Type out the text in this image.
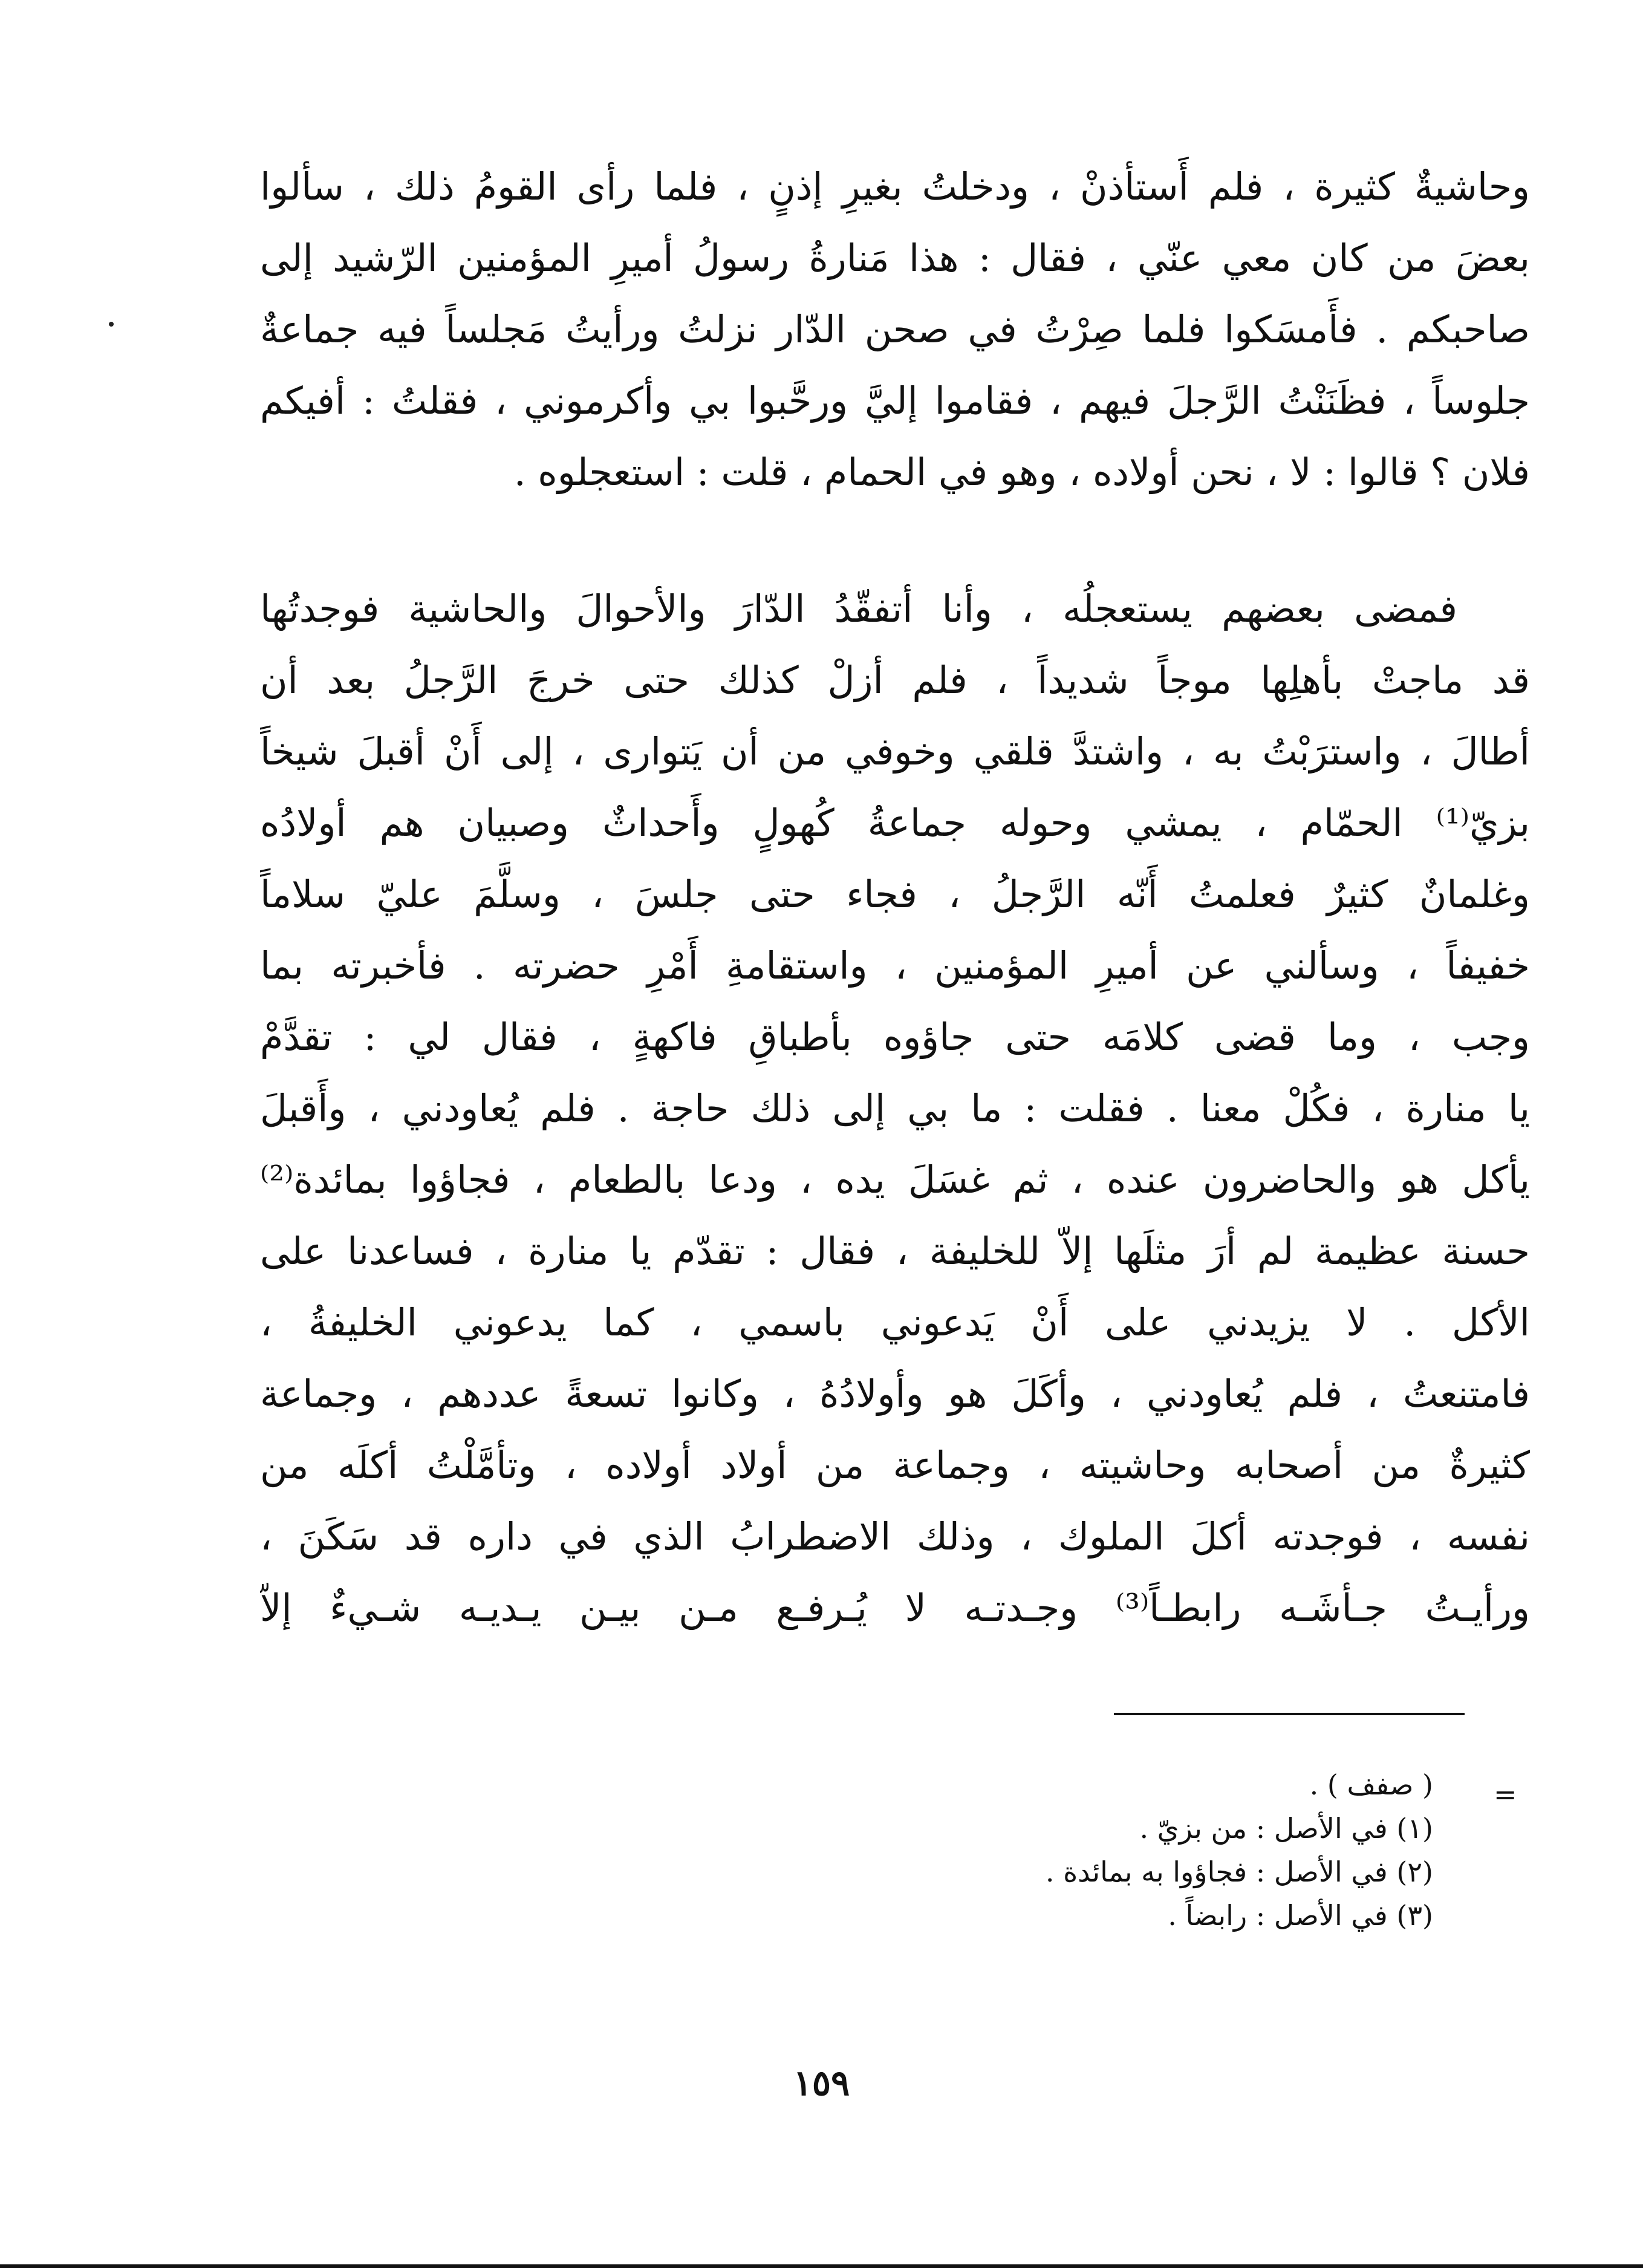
وحاشيةٌ كثيرة ، فلم أَستأذنْ ، ودخلتُ بغيرِ إذنٍ ، فلما رأى القومُ ذلك ، سألوا
بعضَ من كان معي عنّي ، فقال : هذا مَنارةُ رسولُ أميرِ المؤمنين الرّشيد إلى
صاحبكم . فأَمسَكوا فلما صِرْتُ في صحن الدّار نزلتُ ورأيتُ مَجلساً فيه جماعةٌ
جلوساً ، فظَنَنْتُ الرَّجلَ فيهم ، فقاموا إليَّ ورحَّبوا بي وأكرموني ، فقلتُ : أفيكم
فلان ؟ قالوا : لا ، نحن أولاده ، وهو في الحمام ، قلت : استعجلوه .
فمضى بعضهم يستعجلُه ، وأنا أتفقّدُ الدّارَ والأحوالَ والحاشية فوجدتُها
قد ماجتْ بأهلِها موجاً شديداً ، فلم أزلْ كذلك حتى خرجَ الرَّجلُ بعد أن
أطالَ ، واسترَبْتُ به ، واشتدَّ قلقي وخوفي من أن يَتوارى ، إلى أَنْ أقبلَ شيخاً
بزيّ⁽¹⁾ الحمّام ، يمشي وحوله جماعةُ كُهولٍ وأَحداثٌ وصبيان هم أولادُه
وغلمانٌ كثيرٌ فعلمتُ أَنّه الرَّجلُ ، فجاء حتى جلسَ ، وسلَّمَ عليّ سلاماً
خفيفاً ، وسألني عن أميرِ المؤمنين ، واستقامةِ أَمْرِ حضرته . فأخبرته بما
وجب ، وما قضى كلامَه حتى جاؤوه بأطباقِ فاكهةٍ ، فقال لي : تقدَّمْ
يا منارة ، فكُلْ معنا . فقلت : ما بي إلى ذلك حاجة . فلم يُعاودني ، وأَقبلَ
يأكل هو والحاضرون عنده ، ثم غسَلَ يده ، ودعا بالطعام ، فجاؤوا بمائدة⁽²⁾
حسنة عظيمة لم أرَ مثلَها إلاّ للخليفة ، فقال : تقدّم يا منارة ، فساعدنا على
الأكل . لا يزيدني على أَنْ يَدعوني باسمي ، كما يدعوني الخليفةُ ،
فامتنعتُ ، فلم يُعاودني ، وأكَلَ هو وأولادُهُ ، وكانوا تسعةً عددهم ، وجماعة
كثيرةٌ من أصحابه وحاشيته ، وجماعة من أولاد أولاده ، وتأمَّلْتُ أكلَه من
نفسه ، فوجدته أكلَ الملوك ، وذلك الاضطرابُ الذي في داره قد سَكَنَ ،
ورأيـتُ جـأشَـه رابطـاً⁽³⁾ وجـدتـه لا يُـرفـع مـن بيـن يـديـه شـيءٌ إلاّ
=
( صفف ) .
(١) في الأصل : من بزيّ .
(٢) في الأصل : فجاؤوا به بمائدة .
(٣) في الأصل : رابضاً .
١٥٩
